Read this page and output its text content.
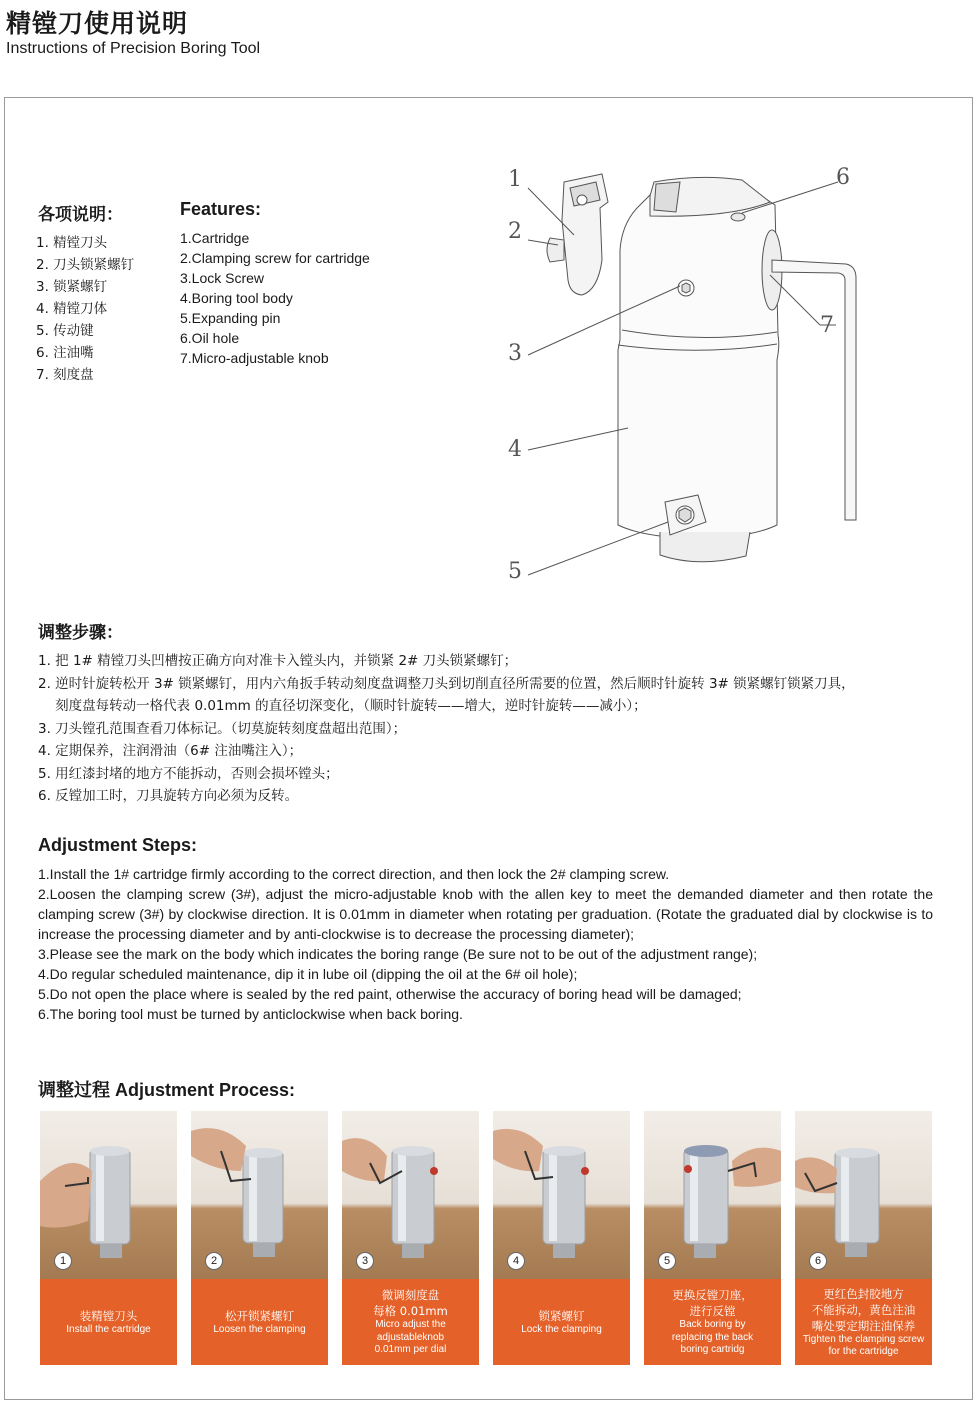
精镗刀使用说明
Instructions of Precision Boring Tool
各项说明：	Features:
1. 精镗刀头
2. 刀头锁紧螺钉
3. 锁紧螺钉
4. 精镗刀体
5. 传动键
6. 注油嘴
7. 刻度盘
1.Cartridge
2.Clamping screw for cartridge
3.Lock Screw
4.Boring tool body
5.Expanding pin
6.Oil hole
7.Micro-adjustable knob
1
2
3
4
5
6
7
调整步骤：
1. 把 1# 精镗刀头凹槽按正确方向对准卡入镗头内，并锁紧 2# 刀头锁紧螺钉；
2. 逆时针旋转松开 3# 锁紧螺钉，用内六角扳手转动刻度盘调整刀头到切削直径所需要的位置，然后顺时针旋转 3# 锁紧螺钉锁紧刀具，
刻度盘每转动一格代表 0.01mm 的直径切深变化，（顺时针旋转——增大，逆时针旋转——减小）；
3. 刀头镗孔范围查看刀体标记。（切莫旋转刻度盘超出范围）；
4. 定期保养，注润滑油（6# 注油嘴注入）；
5. 用红漆封堵的地方不能拆动，否则会损坏镗头；
6. 反镗加工时，刀具旋转方向必须为反转。
Adjustment Steps:
1.Install the 1# cartridge firmly according to the correct direction, and then lock the 2# clamping screw.
2.Loosen the clamping screw (3#), adjust the micro-adjustable knob with the allen key to meet the demanded diameter and then rotate the clamping screw (3#) by clockwise direction. It is 0.01mm in diameter when rotating per graduation. (Rotate the graduated dial by clockwise is to increase the processing diameter and by anti-clockwise is to decrease the processing diameter);
3.Please see the mark on the body which indicates the boring range (Be sure not to be out of the adjustment range);
4.Do regular scheduled maintenance, dip it in lube oil (dipping the oil at the 6# oil hole);
5.Do not open the place where is sealed by the red paint, otherwise the accuracy of boring head will be damaged;
6.The boring tool must be turned by anticlockwise when back boring.
调整过程 Adjustment Process:
1
装精镗刀头
Install the cartridge
2
松开锁紧螺钉
Loosen the clamping
3
微调刻度盘
每格 0.01mm
Micro adjust the
adjustableknob
0.01mm per dial
4
锁紧螺钉
Lock the clamping
5
更换反镗刀座，
进行反镗
Back boring by
replacing the back
boring cartridg
6
更红色封胶地方
不能拆动，黄色注油
嘴处要定期注油保养
Tighten the clamping screw
for the cartridge
